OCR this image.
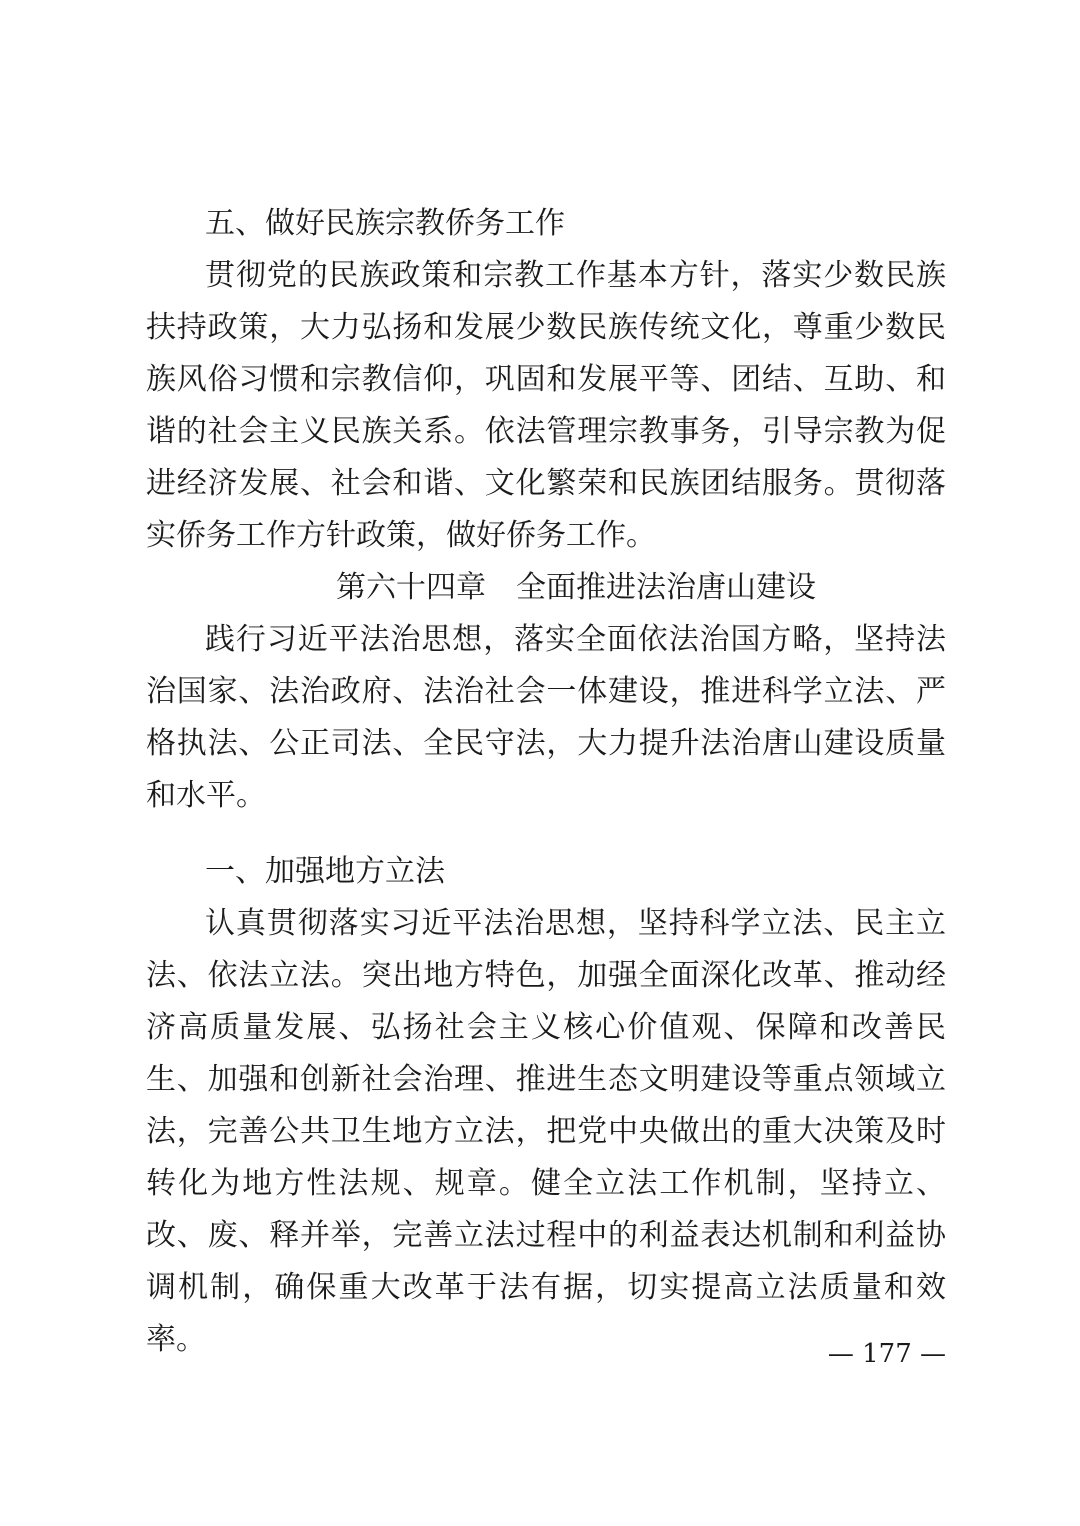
五、做好民族宗教侨务工作

贯彻党的民族政策和宗教工作基本方针，落实少数民族扶持政策，大力弘扬和发展少数民族传统文化，尊重少数民族风俗习惯和宗教信仰，巩固和发展平等、团结、互助、和谐的社会主义民族关系。依法管理宗教事务，引导宗教为促进经济发展、社会和谐、文化繁荣和民族团结服务。贯彻落实侨务工作方针政策，做好侨务工作。

第六十四章 全面推进法治唐山建设

践行习近平法治思想，落实全面依法治国方略，坚持法治国家、法治政府、法治社会一体建设，推进科学立法、严格执法、公正司法、全民守法，大力提升法治唐山建设质量和水平。

一、加强地方立法

认真贯彻落实习近平法治思想，坚持科学立法、民主立法、依法立法。突出地方特色，加强全面深化改革、推动经济高质量发展、弘扬社会主义核心价值观、保障和改善民生、加强和创新社会治理、推进生态文明建设等重点领域立法，完善公共卫生地方立法，把党中央做出的重大决策及时转化为地方性法规、规章。健全立法工作机制，坚持立、改、废、释并举，完善立法过程中的利益表达机制和利益协调机制，确保重大改革于法有据，切实提高立法质量和效率。	— 177 —
